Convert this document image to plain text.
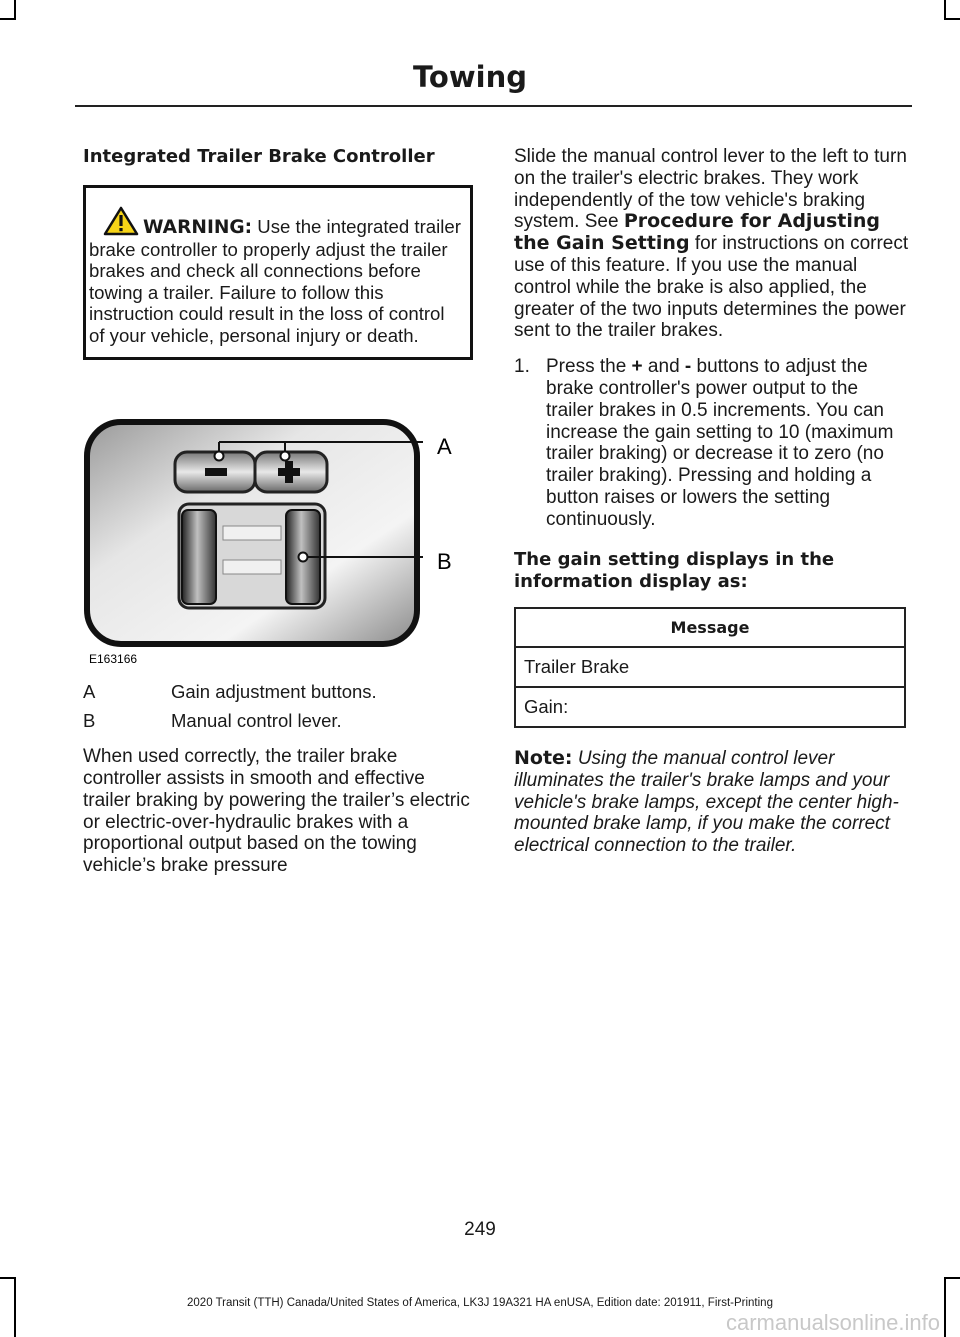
Towing
Integrated Trailer Brake Controller
WARNING: Use the integrated trailer brake controller to properly adjust the trailer brakes and check all connections before towing a trailer. Failure to follow this instruction could result in the loss of control of your vehicle, personal injury or death.
A
B
E163166
A	Gain adjustment buttons.
B	Manual control lever.

When used correctly, the trailer brake controller assists in smooth and effective trailer braking by powering the trailer’s electric or electric-over-hydraulic brakes with a proportional output based on the towing vehicle’s brake pressure

Slide the manual control lever to the left to turn on the trailer's electric brakes. They work independently of the tow vehicle's braking system. See Procedure for Adjusting the Gain Setting for instructions on correct use of this feature. If you use the manual control while the brake is also applied, the greater of the two inputs determines the power sent to the trailer brakes.

1. Press the + and - buttons to adjust the brake controller's power output to the trailer brakes in 0.5 increments. You can increase the gain setting to 10 (maximum trailer braking) or decrease it to zero (no trailer braking). Pressing and holding a button raises or lowers the setting continuously.
The gain setting displays in the information display as:
Message
Trailer Brake
Gain:

Note: Using the manual control lever illuminates the trailer's brake lamps and your vehicle's brake lamps, except the center high-mounted brake lamp, if you make the correct electrical connection to the trailer.

249
2020 Transit (TTH) Canada/United States of America, LK3J 19A321 HA enUSA, Edition date: 201911, First-Printing
carmanualsonline.info
